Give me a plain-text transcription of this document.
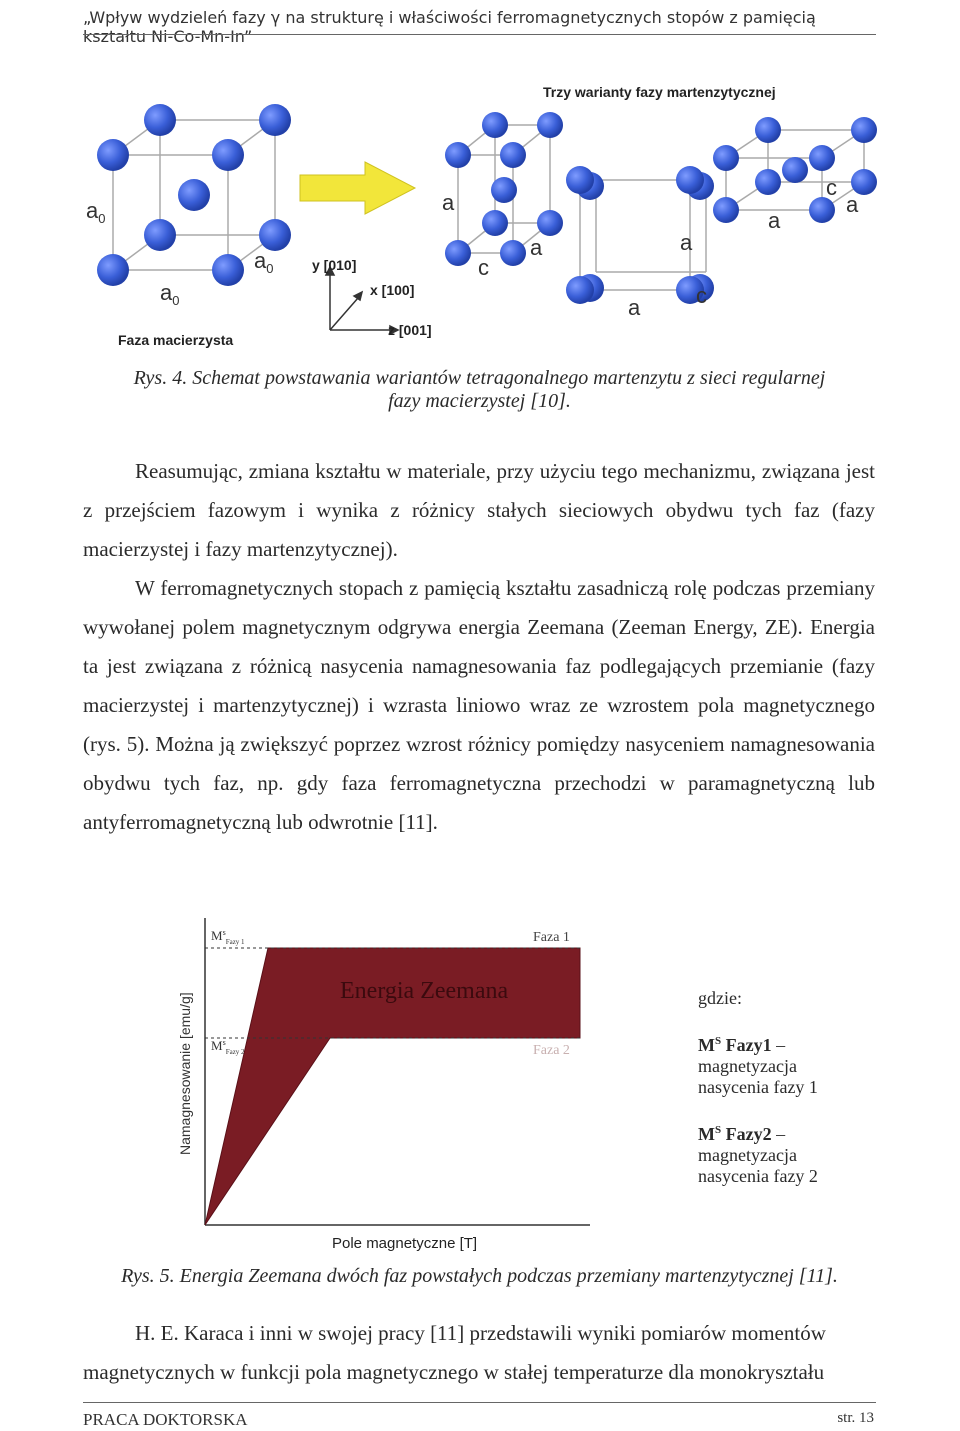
„Wpływ wydzieleń fazy γ na strukturę i właściwości ferromagnetycznych stopów z pamięcią kształtu Ni-Co-Mn-In”
$a_0$
$a_0$
$a_0$
y [010]
x [100]
z [001]
a
a
c
a
a
c
a
a
c
Trzy warianty fazy martenzytycznej
Faza macierzysta
Rys. 4. Schemat powstawania wariantów tetragonalnego martenzytu z sieci regularnej
fazy macierzystej [10].

Reasumując, zmiana kształtu w materiale, przy użyciu tego mechanizmu, związana jest z przejściem fazowym i wynika z różnicy stałych sieciowych obydwu tych faz (fazy macierzystej i fazy martenzytycznej).

W ferromagnetycznych stopach z pamięcią kształtu zasadniczą rolę podczas przemiany wywołanej polem magnetycznym odgrywa energia Zeemana (Zeeman Energy, ZE). Energia ta jest związana z różnicą nasycenia namagnesowania faz podlegających przemianie (fazy macierzystej i martenzytycznej) i wzrasta liniowo wraz ze wzrostem pola magnetycznego (rys. 5). Można ją zwiększyć poprzez wzrost różnicy pomiędzy nasyceniem namagnesowania obydwu tych faz, np. gdy faza ferromagnetyczna przechodzi w paramagnetyczną lub antyferromagnetyczną lub odwrotnie [11].

$M^s_{Fazy 1}$
$M^s_{Fazy 2}$
Faza 1
Faza 2
Energia Zeemana
Namagnesowanie [emu/g]
Pole magnetyczne [T]
gdzie:
$M^S$ Fazy1 –
magnetyzacja nasycenia fazy 1
$M^S$ Fazy2 –
magnetyzacja nasycenia fazy 2
Rys. 5. Energia Zeemana dwóch faz powstałych podczas przemiany martenzytycznej [11].
H. E. Karaca i inni w swojej pracy [11] przedstawili wyniki pomiarów momentów
magnetycznych w funkcji pola magnetycznego w stałej temperaturze dla monokryształu
PRACA DOKTORSKA	str. 13
